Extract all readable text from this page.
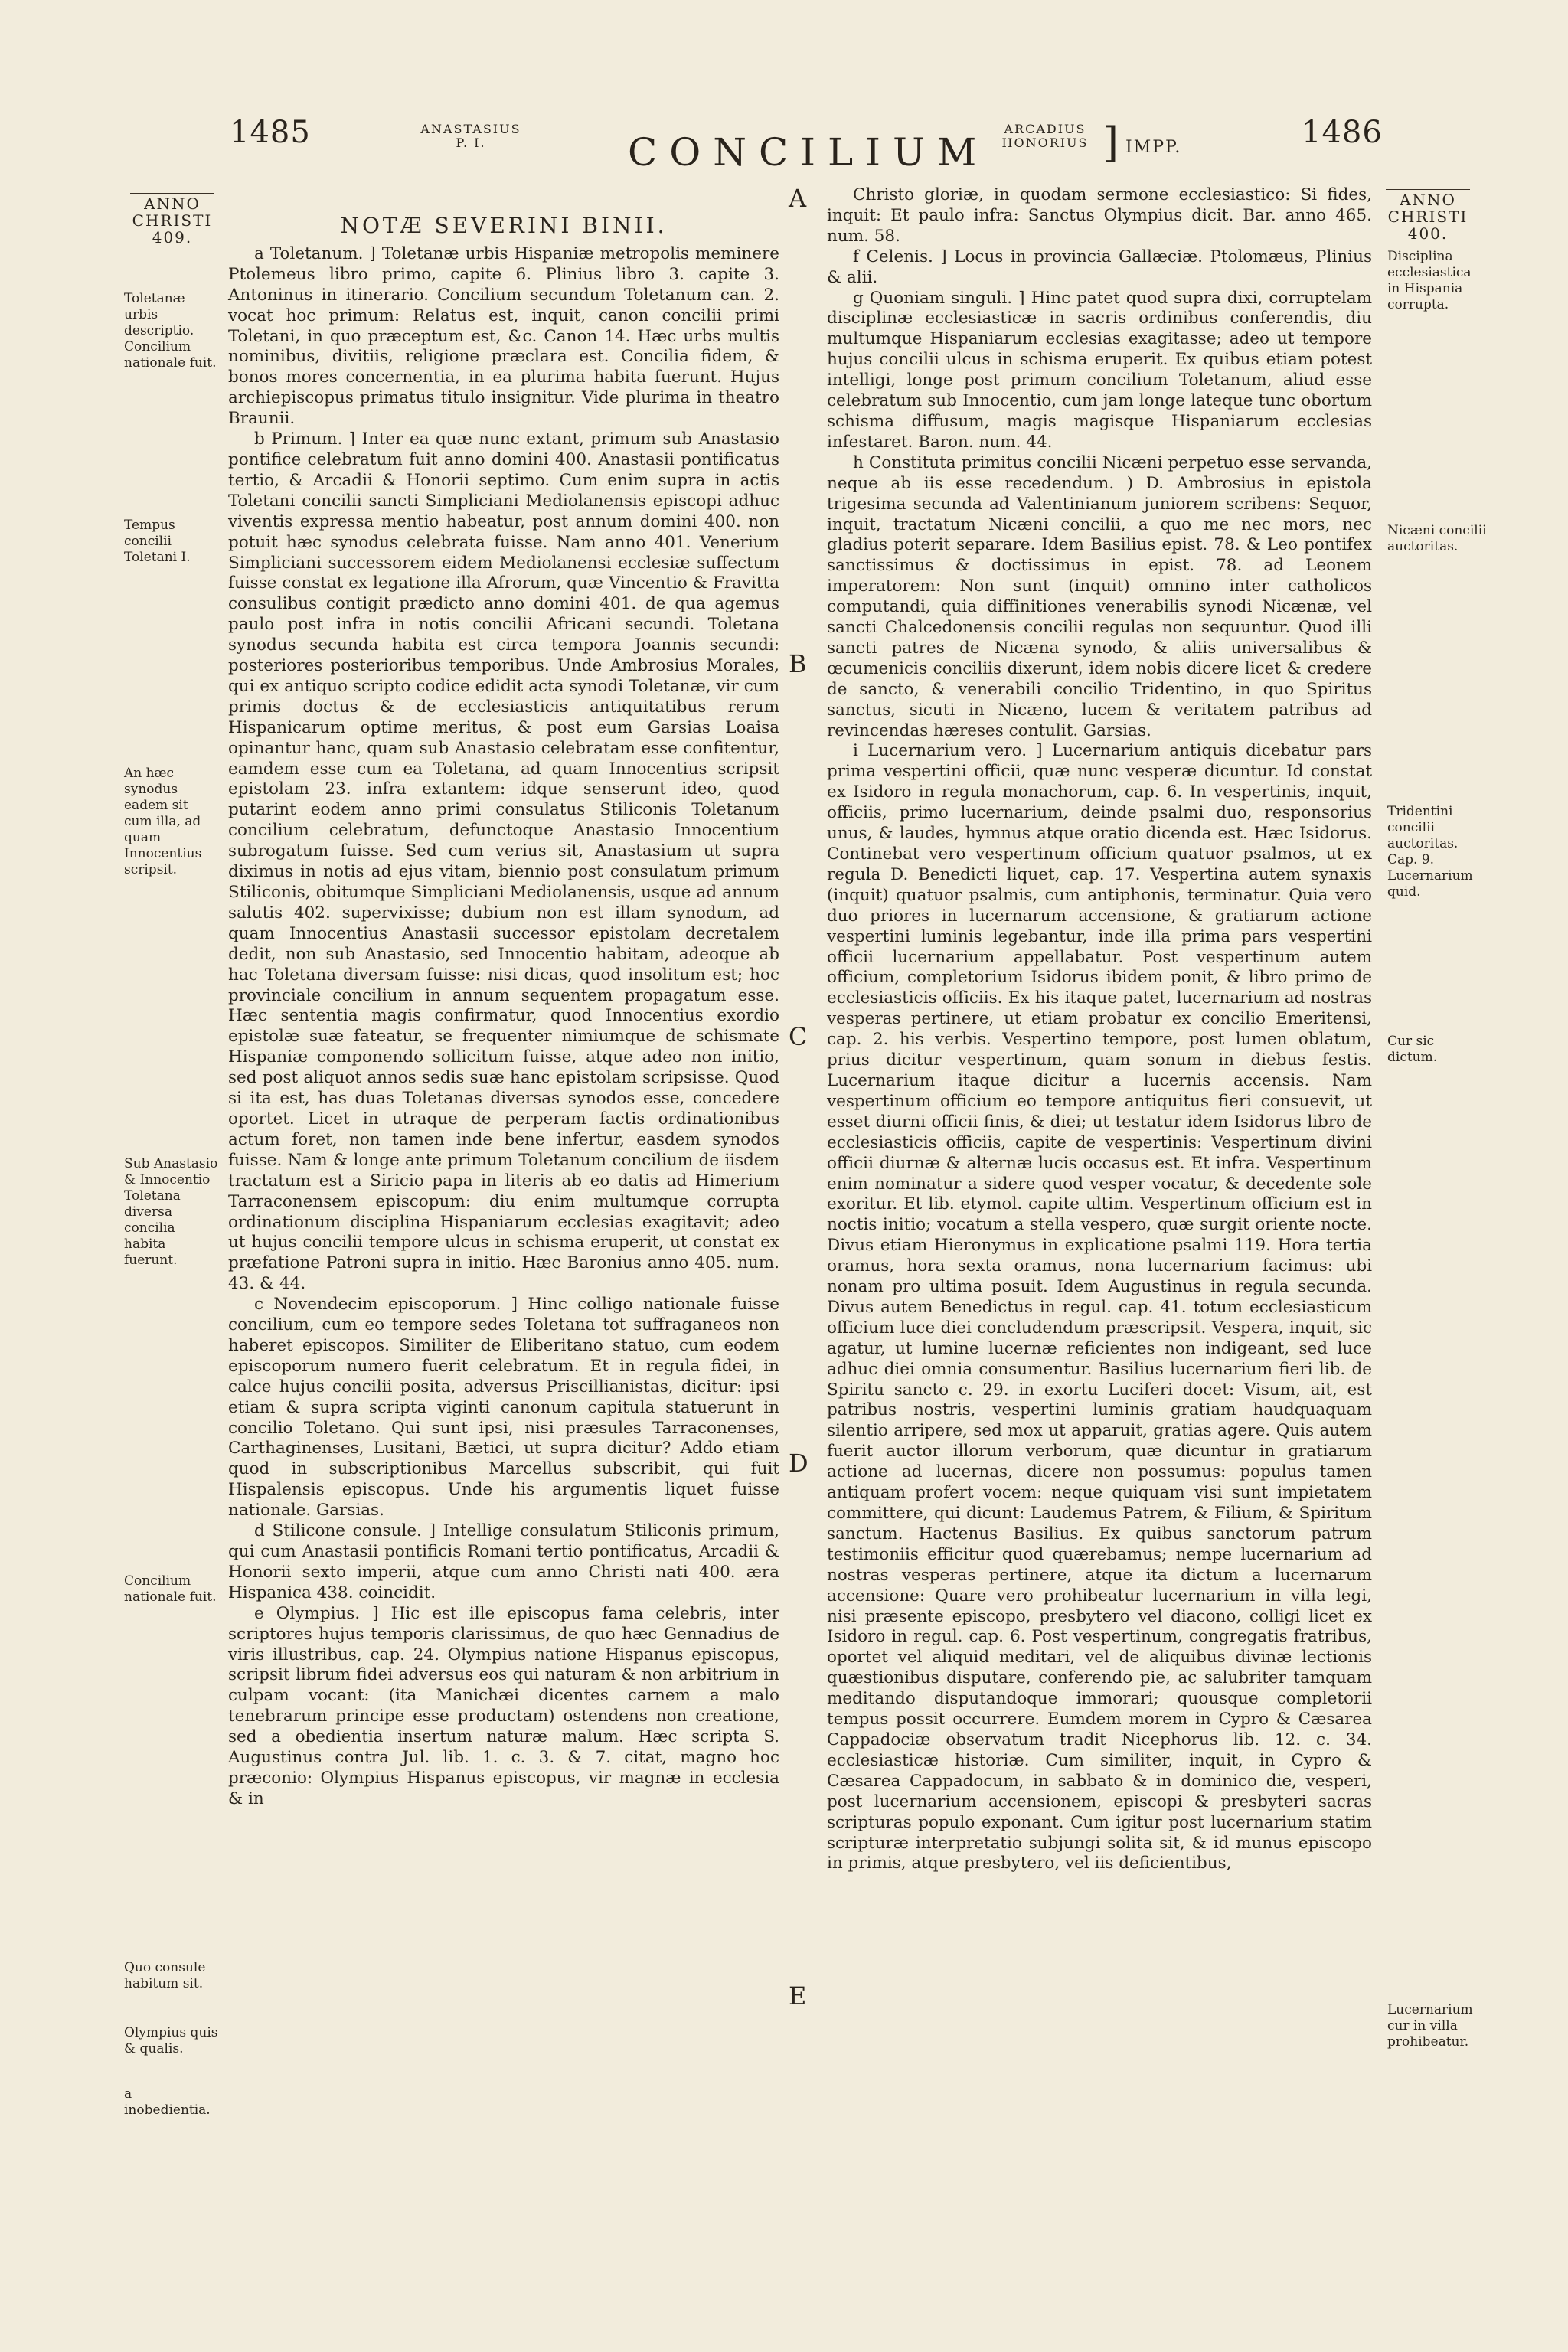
1485	ANASTASIUS
P. I.	CONCILIUM
ARCADIUS
HONORIUS ] IMPP.	1486
ANNO
CHRISTI
409.
Toletanæ urbis descriptio. Concilium nationale fuit.
Tempus concilii Toletani I.
An hæc synodus eadem sit cum illa, ad quam Innocentius scripsit.
Sub Anastasio & Innocentio Toletana diversa concilia habita fuerunt.
Concilium nationale fuit.
Quo consule habitum sit.
Olympius quis & qualis.
a inobedientia.
ANNO
CHRISTI
400.
Disciplina ecclesiastica in Hispania corrupta.
Nicæni concilii auctoritas.
Tridentini concilii auctoritas. Cap. 9. Lucernarium quid.
Cur sic dictum.
Lucernarium cur in villa prohibeatur.
A
B
C
D
E

NOTÆ SEVERINI BINII.

a Toletanum. ] Toletanæ urbis Hispaniæ metropolis meminere Ptolemeus libro primo, capite 6. Plinius libro 3. capite 3. Antoninus in itinerario. Concilium secundum Toletanum can. 2. vocat hoc primum: Relatus est, inquit, canon concilii primi Toletani, in quo præceptum est, &c. Canon 14. Hæc urbs multis nominibus, divitiis, religione præclara est. Concilia fidem, & bonos mores concernentia, in ea plurima habita fuerunt. Hujus archiepiscopus primatus titulo insignitur. Vide plurima in theatro Braunii.

b Primum. ] Inter ea quæ nunc extant, primum sub Anastasio pontifice celebratum fuit anno domini 400. Anastasii pontificatus tertio, & Arcadii & Honorii septimo. Cum enim supra in actis Toletani concilii sancti Simpliciani Mediolanensis episcopi adhuc viventis expressa mentio habeatur, post annum domini 400. non potuit hæc synodus celebrata fuisse. Nam anno 401. Venerium Simpliciani successorem eidem Mediolanensi ecclesiæ suffectum fuisse constat ex legatione illa Afrorum, quæ Vincentio & Fravitta consulibus contigit prædicto anno domini 401. de qua agemus paulo post infra in notis concilii Africani secundi. Toletana synodus secunda habita est circa tempora Joannis secundi: posteriores posterioribus temporibus. Unde Ambrosius Morales, qui ex antiquo scripto codice edidit acta synodi Toletanæ, vir cum primis doctus & de ecclesiasticis antiquitatibus rerum Hispanicarum optime meritus, & post eum Garsias Loaisa opinantur hanc, quam sub Anastasio celebratam esse confitentur, eamdem esse cum ea Toletana, ad quam Innocentius scripsit epistolam 23. infra extantem: idque senserunt ideo, quod putarint eodem anno primi consulatus Stiliconis Toletanum concilium celebratum, defunctoque Anastasio Innocentium subrogatum fuisse. Sed cum verius sit, Anastasium ut supra diximus in notis ad ejus vitam, biennio post consulatum primum Stiliconis, obitumque Simpliciani Mediolanensis, usque ad annum salutis 402. supervixisse; dubium non est illam synodum, ad quam Innocentius Anastasii successor epistolam decretalem dedit, non sub Anastasio, sed Innocentio habitam, adeoque ab hac Toletana diversam fuisse: nisi dicas, quod insolitum est; hoc provinciale concilium in annum sequentem propagatum esse. Hæc sententia magis confirmatur, quod Innocentius exordio epistolæ suæ fateatur, se frequenter nimiumque de schismate Hispaniæ componendo sollicitum fuisse, atque adeo non initio, sed post aliquot annos sedis suæ hanc epistolam scripsisse. Quod si ita est, has duas Toletanas diversas synodos esse, concedere oportet. Licet in utraque de perperam factis ordinationibus actum foret, non tamen inde bene infertur, easdem synodos fuisse. Nam & longe ante primum Toletanum concilium de iisdem tractatum est a Siricio papa in literis ab eo datis ad Himerium Tarraconensem episcopum: diu enim multumque corrupta ordinationum disciplina Hispaniarum ecclesias exagitavit; adeo ut hujus concilii tempore ulcus in schisma eruperit, ut constat ex præfatione Patroni supra in initio. Hæc Baronius anno 405. num. 43. & 44.

c Novendecim episcoporum. ] Hinc colligo nationale fuisse concilium, cum eo tempore sedes Toletana tot suffraganeos non haberet episcopos. Similiter de Eliberitano statuo, cum eodem episcoporum numero fuerit celebratum. Et in regula fidei, in calce hujus concilii posita, adversus Priscillianistas, dicitur: ipsi etiam & supra scripta viginti canonum capitula statuerunt in concilio Toletano. Qui sunt ipsi, nisi præsules Tarraconenses, Carthaginenses, Lusitani, Bætici, ut supra dicitur? Addo etiam quod in subscriptionibus Marcellus subscribit, qui fuit Hispalensis episcopus. Unde his argumentis liquet fuisse nationale. Garsias.

d Stilicone consule. ] Intellige consulatum Stiliconis primum, qui cum Anastasii pontificis Romani tertio pontificatus, Arcadii & Honorii sexto imperii, atque cum anno Christi nati 400. æra Hispanica 438. coincidit.

e Olympius. ] Hic est ille episcopus fama celebris, inter scriptores hujus temporis clarissimus, de quo hæc Gennadius de viris illustribus, cap. 24. Olympius natione Hispanus episcopus, scripsit librum fidei adversus eos qui naturam & non arbitrium in culpam vocant: (ita Manichæi dicentes carnem a malo tenebrarum principe esse productam) ostendens non creatione, sed a obedientia insertum naturæ malum. Hæc scripta S. Augustinus contra Jul. lib. 1. c. 3. & 7. citat, magno hoc præconio: Olympius Hispanus episcopus, vir magnæ in ecclesia & in

Christo gloriæ, in quodam sermone ecclesiastico: Si fides, inquit: Et paulo infra: Sanctus Olympius dicit. Bar. anno 465. num. 58.

f Celenis. ] Locus in provincia Gallæciæ. Ptolomæus, Plinius & alii.

g Quoniam singuli. ] Hinc patet quod supra dixi, corruptelam disciplinæ ecclesiasticæ in sacris ordinibus conferendis, diu multumque Hispaniarum ecclesias exagitasse; adeo ut tempore hujus concilii ulcus in schisma eruperit. Ex quibus etiam potest intelligi, longe post primum concilium Toletanum, aliud esse celebratum sub Innocentio, cum jam longe lateque tunc obortum schisma diffusum, magis magisque Hispaniarum ecclesias infestaret. Baron. num. 44.

h Constituta primitus concilii Nicæni perpetuo esse servanda, neque ab iis esse recedendum. ) D. Ambrosius in epistola trigesima secunda ad Valentinianum juniorem scribens: Sequor, inquit, tractatum Nicæni concilii, a quo me nec mors, nec gladius poterit separare. Idem Basilius epist. 78. & Leo pontifex sanctissimus & doctissimus in epist. 78. ad Leonem imperatorem: Non sunt (inquit) omnino inter catholicos computandi, quia diffinitiones venerabilis synodi Nicænæ, vel sancti Chalcedonensis concilii regulas non sequuntur. Quod illi sancti patres de Nicæna synodo, & aliis universalibus & œcumenicis conciliis dixerunt, idem nobis dicere licet & credere de sancto, & venerabili concilio Tridentino, in quo Spiritus sanctus, sicuti in Nicæno, lucem & veritatem patribus ad revincendas hæreses contulit. Garsias.

i Lucernarium vero. ] Lucernarium antiquis dicebatur pars prima vespertini officii, quæ nunc vesperæ dicuntur. Id constat ex Isidoro in regula monachorum, cap. 6. In vespertinis, inquit, officiis, primo lucernarium, deinde psalmi duo, responsorius unus, & laudes, hymnus atque oratio dicenda est. Hæc Isidorus. Continebat vero vespertinum officium quatuor psalmos, ut ex regula D. Benedicti liquet, cap. 17. Vespertina autem synaxis (inquit) quatuor psalmis, cum antiphonis, terminatur. Quia vero duo priores in lucernarum accensione, & gratiarum actione vespertini luminis legebantur, inde illa prima pars vespertini officii lucernarium appellabatur. Post vespertinum autem officium, completorium Isidorus ibidem ponit, & libro primo de ecclesiasticis officiis. Ex his itaque patet, lucernarium ad nostras vesperas pertinere, ut etiam probatur ex concilio Emeritensi, cap. 2. his verbis. Vespertino tempore, post lumen oblatum, prius dicitur vespertinum, quam sonum in diebus festis. Lucernarium itaque dicitur a lucernis accensis. Nam vespertinum officium eo tempore antiquitus fieri consuevit, ut esset diurni officii finis, & diei; ut testatur idem Isidorus libro de ecclesiasticis officiis, capite de vespertinis: Vespertinum divini officii diurnæ & alternæ lucis occasus est. Et infra. Vespertinum enim nominatur a sidere quod vesper vocatur, & decedente sole exoritur. Et lib. etymol. capite ultim. Vespertinum officium est in noctis initio; vocatum a stella vespero, quæ surgit oriente nocte. Divus etiam Hieronymus in explicatione psalmi 119. Hora tertia oramus, hora sexta oramus, nona lucernarium facimus: ubi nonam pro ultima posuit. Idem Augustinus in regula secunda. Divus autem Benedictus in regul. cap. 41. totum ecclesiasticum officium luce diei concludendum præscripsit. Vespera, inquit, sic agatur, ut lumine lucernæ reficientes non indigeant, sed luce adhuc diei omnia consumentur. Basilius lucernarium fieri lib. de Spiritu sancto c. 29. in exortu Luciferi docet: Visum, ait, est patribus nostris, vespertini luminis gratiam haudquaquam silentio arripere, sed mox ut apparuit, gratias agere. Quis autem fuerit auctor illorum verborum, quæ dicuntur in gratiarum actione ad lucernas, dicere non possumus: populus tamen antiquam profert vocem: neque quiquam visi sunt impietatem committere, qui dicunt: Laudemus Patrem, & Filium, & Spiritum sanctum. Hactenus Basilius. Ex quibus sanctorum patrum testimoniis efficitur quod quærebamus; nempe lucernarium ad nostras vesperas pertinere, atque ita dictum a lucernarum accensione: Quare vero prohibeatur lucernarium in villa legi, nisi præsente episcopo, presbytero vel diacono, colligi licet ex Isidoro in regul. cap. 6. Post vespertinum, congregatis fratribus, oportet vel aliquid meditari, vel de aliquibus divinæ lectionis quæstionibus disputare, conferendo pie, ac salubriter tamquam meditando disputandoque immorari; quousque completorii tempus possit occurrere. Eumdem morem in Cypro & Cæsarea Cappadociæ observatum tradit Nicephorus lib. 12. c. 34. ecclesiasticæ historiæ. Cum similiter, inquit, in Cypro & Cæsarea Cappadocum, in sabbato & in dominico die, vesperi, post lucernarium accensionem, episcopi & presbyteri sacras scripturas populo exponant. Cum igitur post lucernarium statim scripturæ interpretatio subjungi solita sit, & id munus episcopo in primis, atque presbytero, vel iis deficientibus,
